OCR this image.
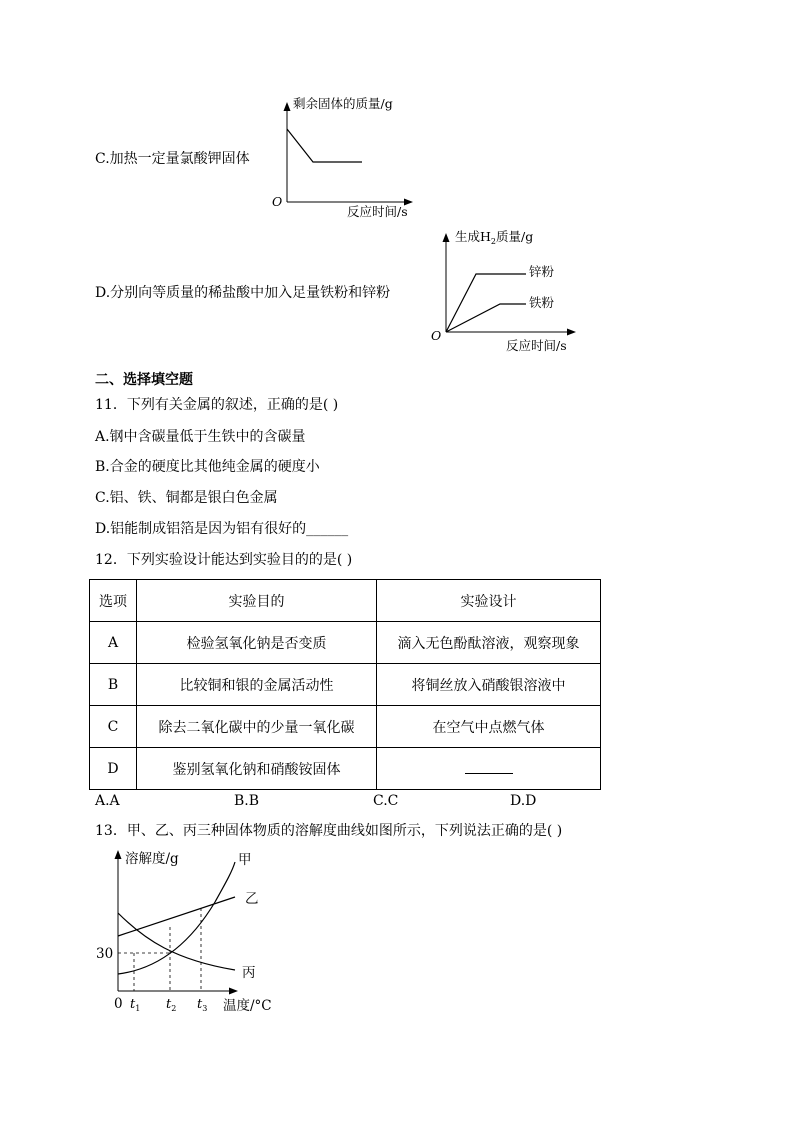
C.加热一定量氯酸钾固体
剩余固体的质量/g
O
反应时间/s
D.分别向等质量的稀盐酸中加入足量铁粉和锌粉
生成$H_2$质量/g
锌粉
铁粉
O
反应时间/s
二、选择填空题
11．下列有关金属的叙述，正确的是( )
A.钢中含碳量低于生铁中的含碳量
B.合金的硬度比其他纯金属的硬度小
C.铝、铁、铜都是银白色金属
D.铝能制成铝箔是因为铝有很好的______
12．下列实验设计能达到实验目的的是( )
选项	实验目的	实验设计
A	检验氢氧化钠是否变质	滴入无色酚酞溶液，观察现象
B	比较铜和银的金属活动性	将铜丝放入硝酸银溶液中
C	除去二氧化碳中的少量一氧化碳	在空气中点燃气体
D	鉴别氢氧化钠和硝酸铵固体	
A.A	B.B	C.C	D.D
13．甲、乙、丙三种固体物质的溶解度曲线如图所示，下列说法正确的是( )
溶解度/g	甲
乙
丙
30
0 $t_1$ $t_2$ $t_3$ 温度/°C
